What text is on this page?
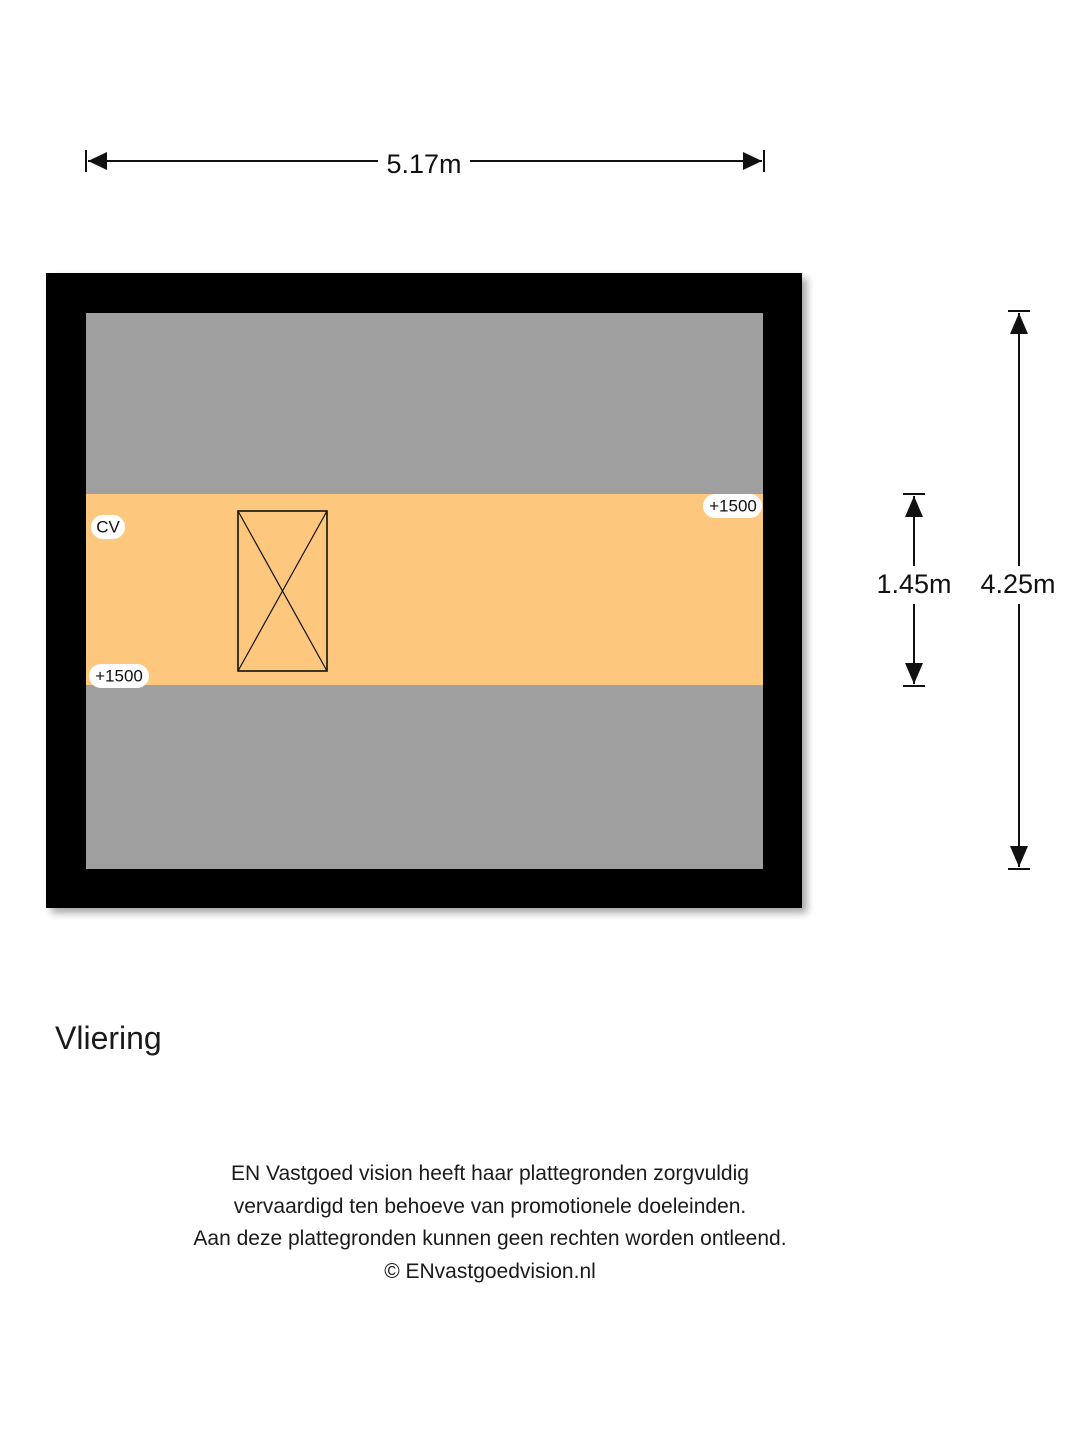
5.17m
CV
+1500
+1500
1.45m 4.25m
Vliering
EN Vastgoed vision heeft haar plattegronden zorgvuldig
vervaardigd ten behoeve van promotionele doeleinden.
Aan deze plattegronden kunnen geen rechten worden ontleend.
© ENvastgoedvision.nl
